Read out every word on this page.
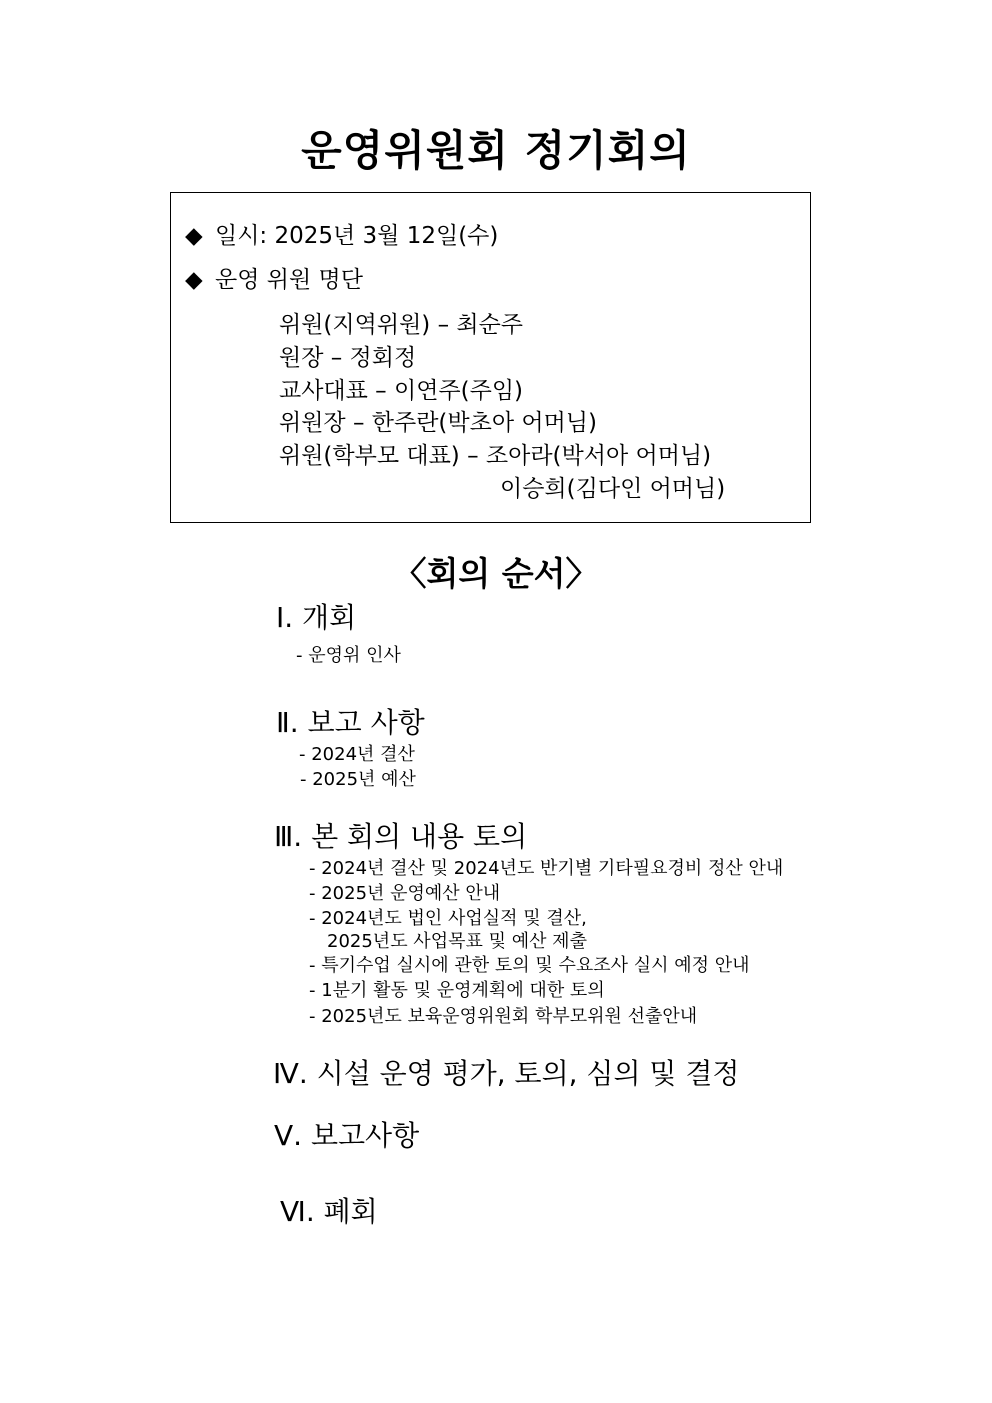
운영위원회 정기회의
◆ 일시: 2025년 3월 12일(수)
◆ 운영 위원 명단
위원(지역위원) – 최순주
원장 – 정회정
교사대표 – 이연주(주임)
위원장 – 한주란(박초아 어머님)
위원(학부모 대표) – 조아라(박서아 어머님)
이승희(김다인 어머님)
〈회의 순서〉
Ⅰ. 개회
- 운영위 인사
Ⅱ. 보고 사항
- 2024년 결산
- 2025년 예산
Ⅲ. 본 회의 내용 토의
- 2024년 결산 및 2024년도 반기별 기타필요경비 정산 안내
- 2025년 운영예산 안내
- 2024년도 법인 사업실적 및 결산,
2025년도 사업목표 및 예산 제출
- 특기수업 실시에 관한 토의 및 수요조사 실시 예정 안내
- 1분기 활동 및 운영계획에 대한 토의
- 2025년도 보육운영위원회 학부모위원 선출안내
Ⅳ. 시설 운영 평가, 토의, 심의 및 결정
Ⅴ. 보고사항
Ⅵ. 폐회
